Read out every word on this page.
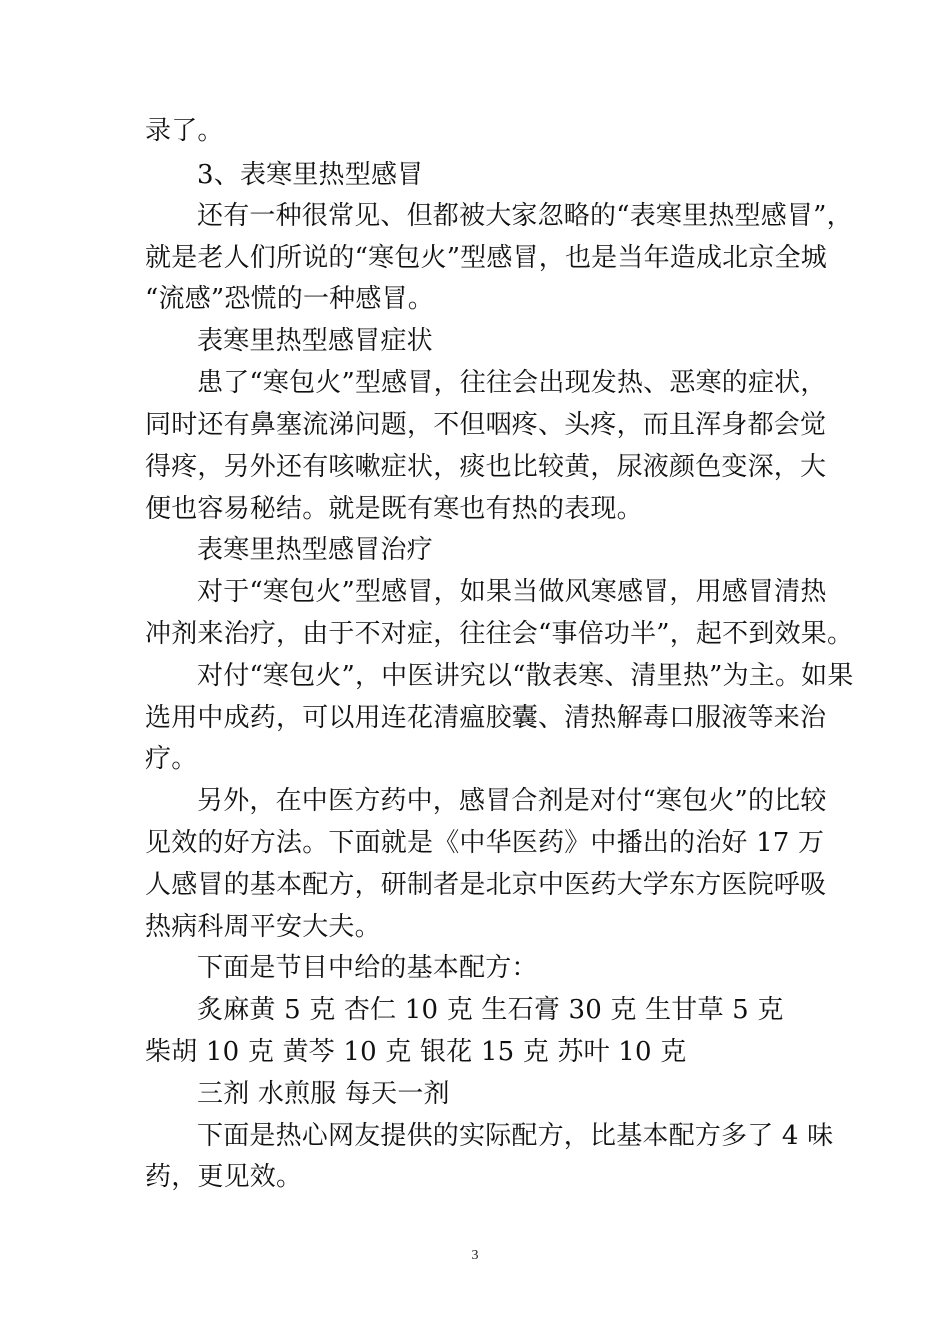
录了。
3、表寒里热型感冒
还有一种很常见、但都被大家忽略的“表寒里热型感冒”，
就是老人们所说的“寒包火”型感冒，也是当年造成北京全城
“流感”恐慌的一种感冒。
表寒里热型感冒症状
患了“寒包火”型感冒，往往会出现发热、恶寒的症状，
同时还有鼻塞流涕问题，不但咽疼、头疼，而且浑身都会觉
得疼，另外还有咳嗽症状，痰也比较黄，尿液颜色变深，大
便也容易秘结。就是既有寒也有热的表现。
表寒里热型感冒治疗
对于“寒包火”型感冒，如果当做风寒感冒，用感冒清热
冲剂来治疗，由于不对症，往往会“事倍功半”，起不到效果。
对付“寒包火”，中医讲究以“散表寒、清里热”为主。如果
选用中成药，可以用连花清瘟胶囊、清热解毒口服液等来治
疗。
另外，在中医方药中，感冒合剂是对付“寒包火”的比较
见效的好方法。下面就是《中华医药》中播出的治好 17 万
人感冒的基本配方，研制者是北京中医药大学东方医院呼吸
热病科周平安大夫。
下面是节目中给的基本配方：
炙麻黄 5 克 杏仁 10 克 生石膏 30 克 生甘草 5 克
柴胡 10 克 黄芩 10 克 银花 15 克 苏叶 10 克
三剂 水煎服 每天一剂
下面是热心网友提供的实际配方，比基本配方多了 4 味
药，更见效。
3
